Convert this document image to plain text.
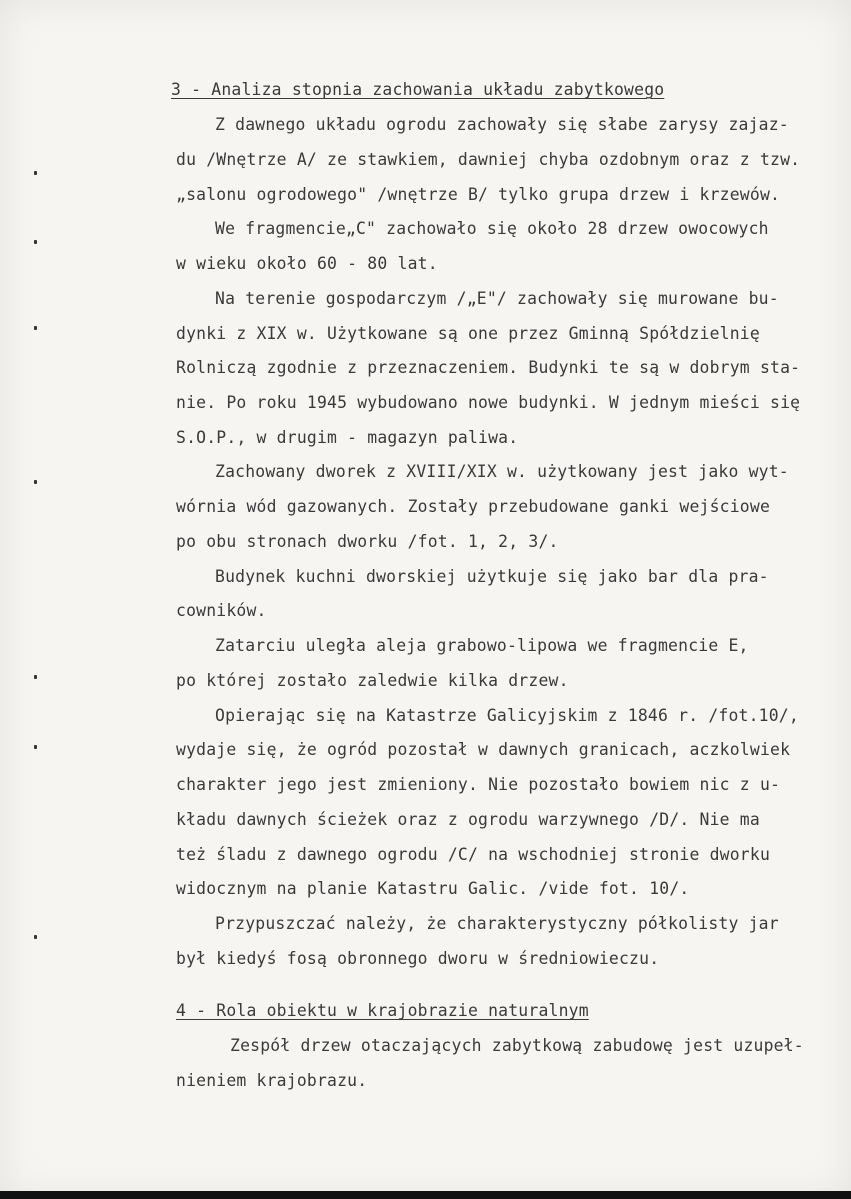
3 - Analiza stopnia zachowania układu zabytkowego
Z dawnego układu ogrodu zachowały się słabe zarysy zajaz-
du /Wnętrze A/ ze stawkiem, dawniej chyba ozdobnym oraz z tzw.
„salonu ogrodowego" /wnętrze B/ tylko grupa drzew i krzewów.
We fragmencie„C" zachowało się około 28 drzew owocowych
w wieku około 60 - 80 lat.
Na terenie gospodarczym /„E"/ zachowały się murowane bu-
dynki z XIX w. Użytkowane są one przez Gminną Spółdzielnię
Rolniczą zgodnie z przeznaczeniem. Budynki te są w dobrym sta-
nie. Po roku 1945 wybudowano nowe budynki. W jednym mieści się
S.O.P., w drugim - magazyn paliwa.
Zachowany dworek z XVIII/XIX w. użytkowany jest jako wyt-
wórnia wód gazowanych. Zostały przebudowane ganki wejściowe
po obu stronach dworku /fot. 1, 2, 3/.
Budynek kuchni dworskiej użytkuje się jako bar dla pra-
cowników.
Zatarciu uległa aleja grabowo-lipowa we fragmencie E,
po której zostało zaledwie kilka drzew.
Opierając się na Katastrze Galicyjskim z 1846 r. /fot.10/,
wydaje się, że ogród pozostał w dawnych granicach, aczkolwiek
charakter jego jest zmieniony. Nie pozostało bowiem nic z u-
kładu dawnych ścieżek oraz z ogrodu warzywnego /D/. Nie ma
też śladu z dawnego ogrodu /C/ na wschodniej stronie dworku
widocznym na planie Katastru Galic. /vide fot. 10/.
Przypuszczać należy, że charakterystyczny półkolisty jar
był kiedyś fosą obronnego dworu w średniowieczu.
4 - Rola obiektu w krajobrazie naturalnym
Zespół drzew otaczających zabytkową zabudowę jest uzupeł-
nieniem krajobrazu.
